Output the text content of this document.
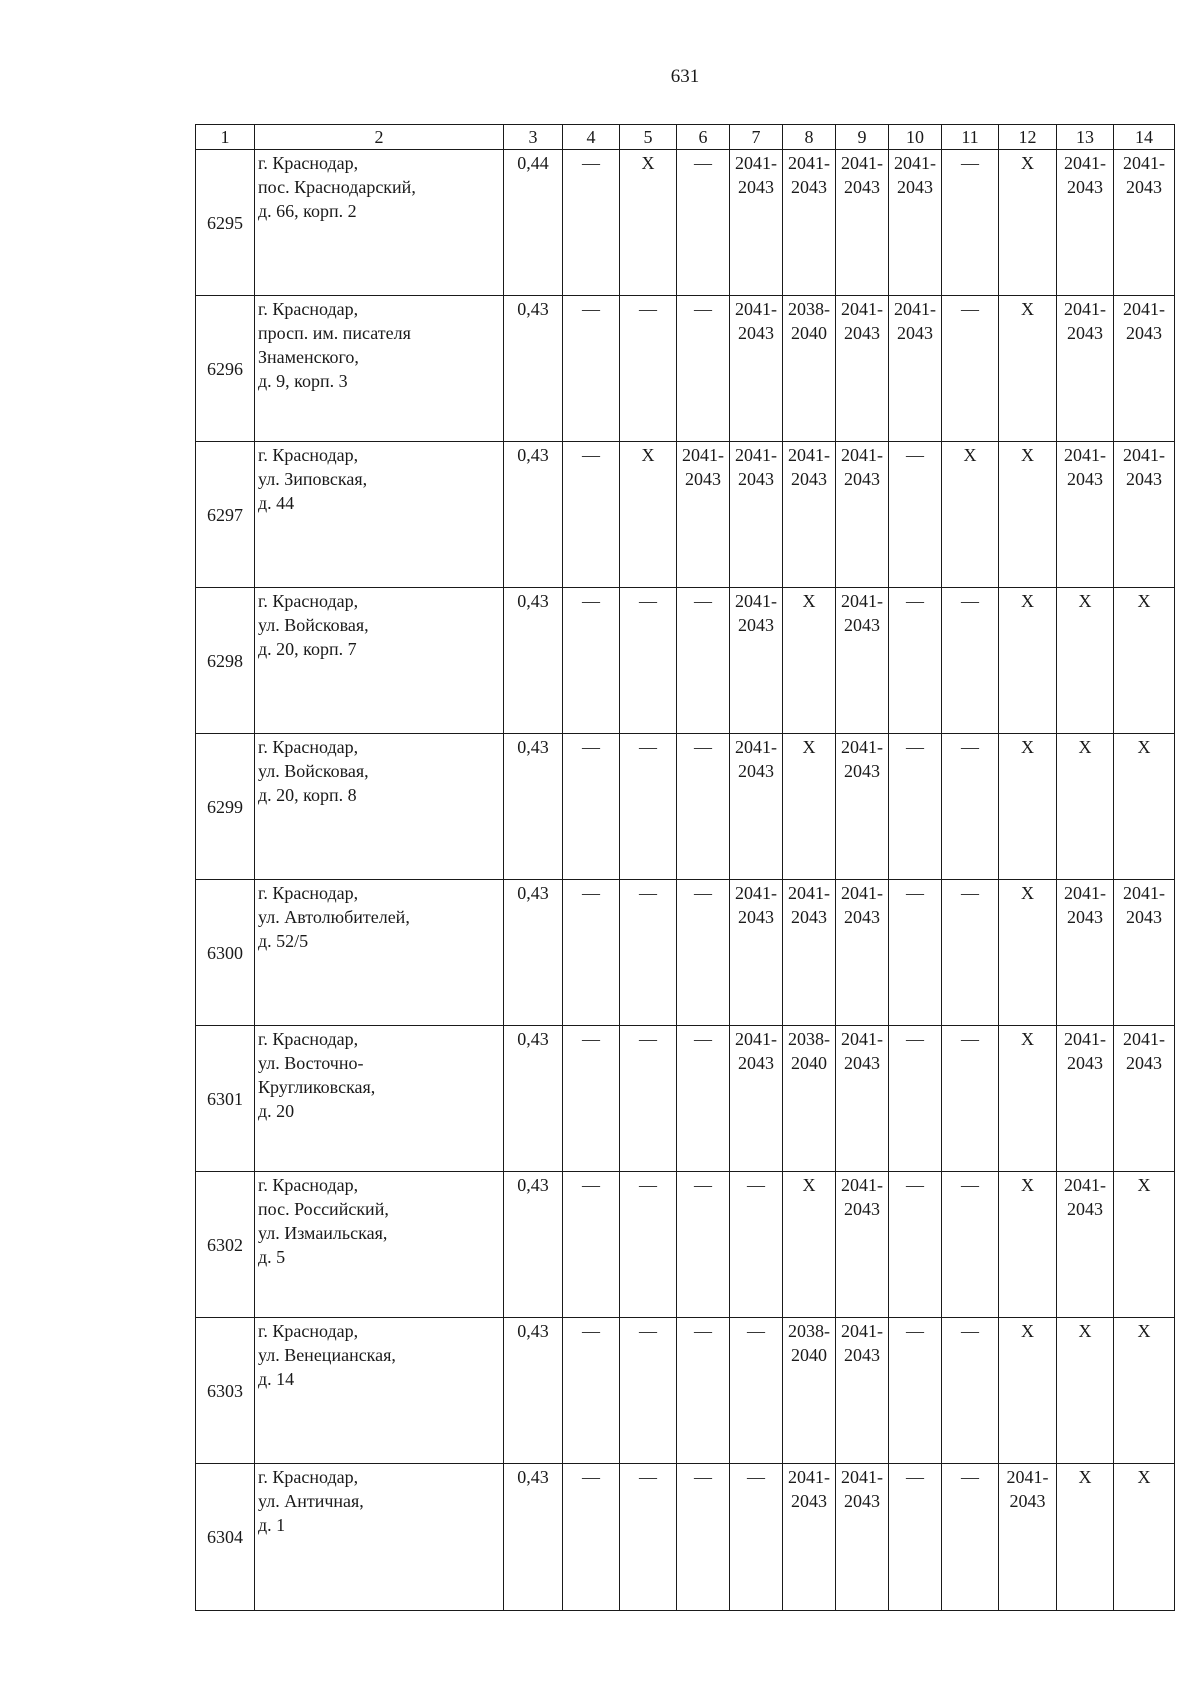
631
1	2	3	4	5	6	7	8	9	10	11	12	13	14
6295	г. Краснодар,
пос. Краснодарский,
д. 66, корп. 2	0,44	—	Х	—	2041-
2043	2041-
2043	2041-
2043	2041-
2043	—	Х	2041-
2043	2041-
2043

6296	г. Краснодар,
просп. им. писателя
Знаменского,
д. 9, корп. 3	0,43	—	—	—	2041-
2043	2038-
2040	2041-
2043	2041-
2043	—	Х	2041-
2043	2041-
2043

6297	г. Краснодар,
ул. Зиповская,
д. 44	0,43	—	Х	2041-
2043	2041-
2043	2041-
2043	2041-
2043	—	Х	Х	2041-
2043	2041-
2043

6298	г. Краснодар,
ул. Войсковая,
д. 20, корп. 7	0,43	—	—	—	2041-
2043	Х	2041-
2043	—	—	Х	Х	Х

6299	г. Краснодар,
ул. Войсковая,
д. 20, корп. 8	0,43	—	—	—	2041-
2043	Х	2041-
2043	—	—	Х	Х	Х

6300	г. Краснодар,
ул. Автолюбителей,
д. 52/5	0,43	—	—	—	2041-
2043	2041-
2043	2041-
2043	—	—	Х	2041-
2043	2041-
2043

6301	г. Краснодар,
ул. Восточно-
Кругликовская,
д. 20	0,43	—	—	—	2041-
2043	2038-
2040	2041-
2043	—	—	Х	2041-
2043	2041-
2043

6302	г. Краснодар,
пос. Российский,
ул. Измаильская,
д. 5	0,43	—	—	—	—	Х	2041-
2043	—	—	Х	2041-
2043	Х

6303	г. Краснодар,
ул. Венецианская,
д. 14	0,43	—	—	—	—	2038-
2040	2041-
2043	—	—	Х	Х	Х

6304	г. Краснодар,
ул. Античная,
д. 1	0,43	—	—	—	—	2041-
2043	2041-
2043	—	—	2041-
2043	Х	Х
